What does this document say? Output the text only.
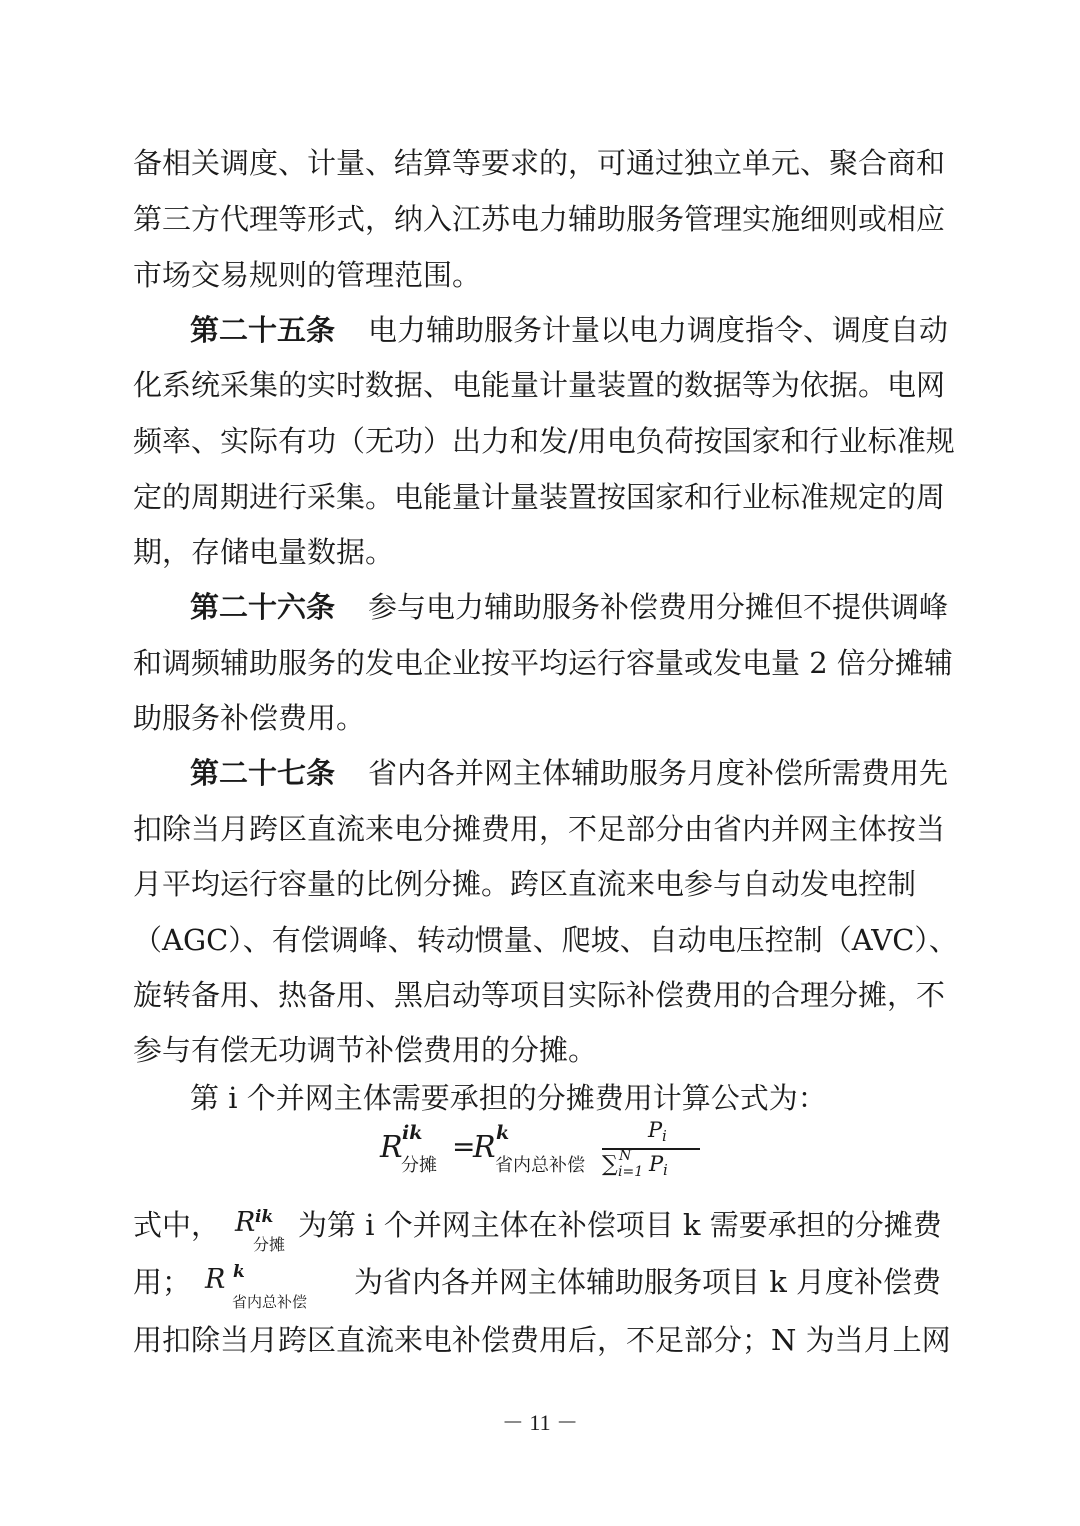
备相关调度、计量、结算等要求的，可通过独立单元、聚合商和
第三方代理等形式，纳入江苏电力辅助服务管理实施细则或相应
市场交易规则的管理范围。
第二十五条 电力辅助服务计量以电力调度指令、调度自动
化系统采集的实时数据、电能量计量装置的数据等为依据。电网
频率、实际有功（无功）出力和发/用电负荷按国家和行业标准规
定的周期进行采集。电能量计量装置按国家和行业标准规定的周
期，存储电量数据。
第二十六条 参与电力辅助服务补偿费用分摊但不提供调峰
和调频辅助服务的发电企业按平均运行容量或发电量 2 倍分摊辅
助服务补偿费用。
第二十七条 省内各并网主体辅助服务月度补偿所需费用先
扣除当月跨区直流来电分摊费用，不足部分由省内并网主体按当
月平均运行容量的比例分摊。跨区直流来电参与自动发电控制
（AGC）、有偿调峰、转动惯量、爬坡、自动电压控制（AVC）、
旋转备用、热备用、黑启动等项目实际补偿费用的合理分摊，不
参与有偿无功调节补偿费用的分摊。
第 i 个并网主体需要承担的分摊费用计算公式为：
R ik
分摊
=
R k
省内总补偿
P i
∑ N
i=1 P i
式中， R ik
分摊
为第 i 个并网主体在补偿项目 k 需要承担的分摊费
用； R k
省内总补偿
为省内各并网主体辅助服务项目 k 月度补偿费
用扣除当月跨区直流来电补偿费用后，不足部分；N 为当月上网
－ 11 －
